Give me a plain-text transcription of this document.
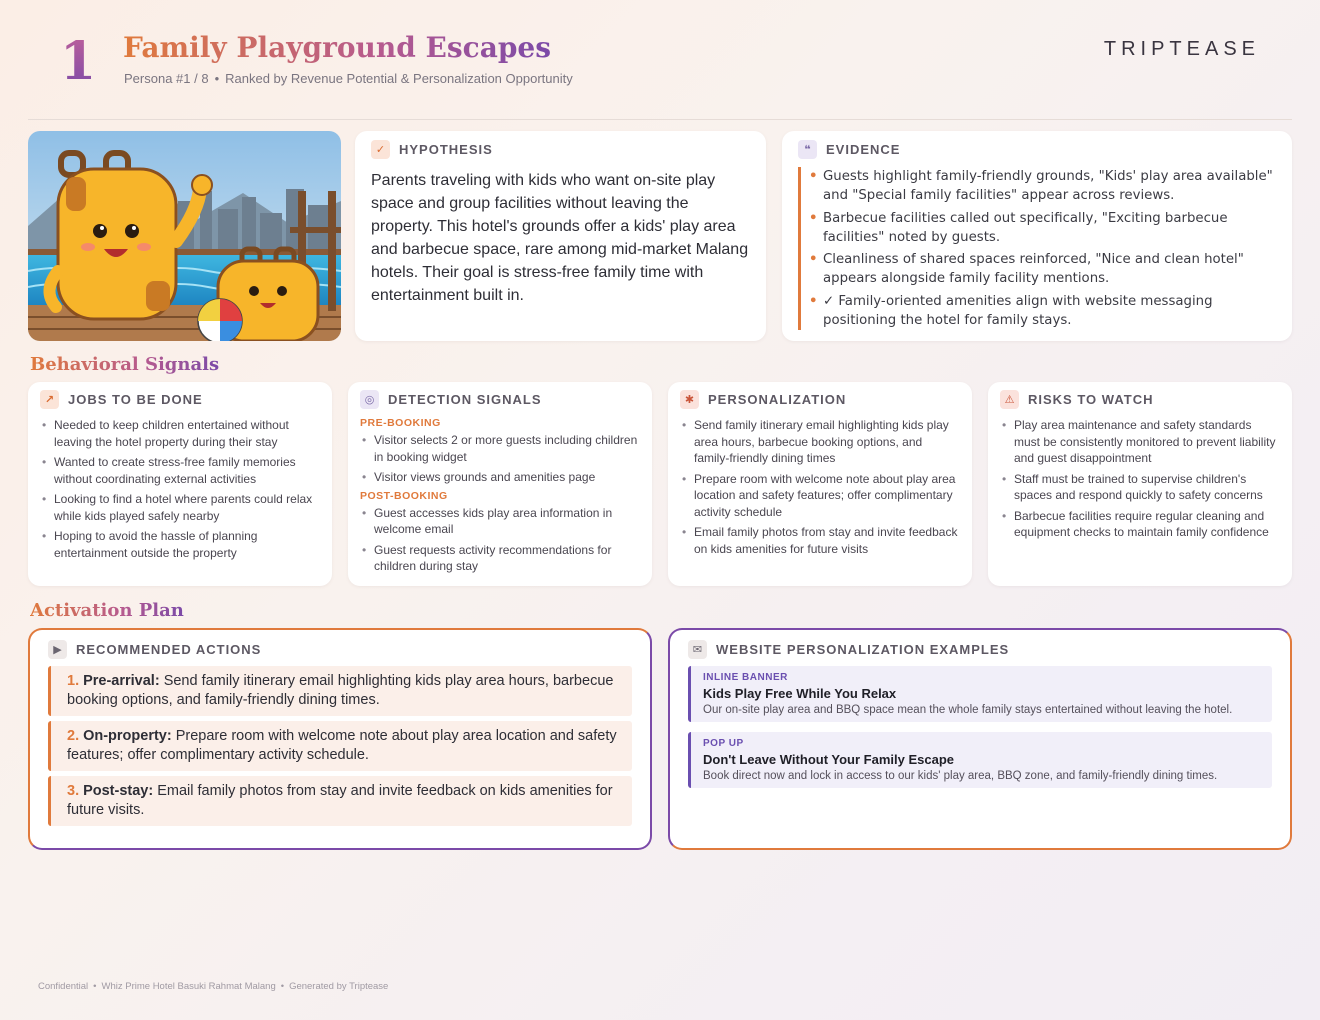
1 Family Playground Escapes
Persona #1 / 8 • Ranked by Revenue Potential & Personalization Opportunity
TRIPTEASE
✓	HYPOTHESIS

Parents traveling with kids who want on-site play space and group facilities without leaving the property. This hotel's grounds offer a kids' play area and barbecue space, rare among mid-market Malang hotels. Their goal is stress-free family time with entertainment built in.

❝	EVIDENCE
• Guests highlight family-friendly grounds, "Kids' play area available" and "Special family facilities" appear across reviews.
• Barbecue facilities called out specifically, "Exciting barbecue facilities" noted by guests.
• Cleanliness of shared spaces reinforced, "Nice and clean hotel" appears alongside family facility mentions.
• ✓ Family-oriented amenities align with website messaging positioning the hotel for family stays.
Behavioral Signals
↗	JOBS TO BE DONE
• Needed to keep children entertained without leaving the hotel property during their stay
• Wanted to create stress-free family memories without coordinating external activities
• Looking to find a hotel where parents could relax while kids played safely nearby
• Hoping to avoid the hassle of planning entertainment outside the property
◎	DETECTION SIGNALS
PRE-BOOKING
• Visitor selects 2 or more guests including children in booking widget
• Visitor views grounds and amenities page
POST-BOOKING
• Guest accesses kids play area information in welcome email
• Guest requests activity recommendations for children during stay
✱	PERSONALIZATION
• Send family itinerary email highlighting kids play area hours, barbecue booking options, and family-friendly dining times
• Prepare room with welcome note about play area location and safety features; offer complimentary activity schedule
• Email family photos from stay and invite feedback on kids amenities for future visits
⚠	RISKS TO WATCH
• Play area maintenance and safety standards must be consistently monitored to prevent liability and guest disappointment
• Staff must be trained to supervise children's spaces and respond quickly to safety concerns
• Barbecue facilities require regular cleaning and equipment checks to maintain family confidence
Activation Plan
▶	RECOMMENDED ACTIONS
1. Pre-arrival: Send family itinerary email highlighting kids play area hours, barbecue booking options, and family-friendly dining times.
2. On-property: Prepare room with welcome note about play area location and safety features; offer complimentary activity schedule.
3. Post-stay: Email family photos from stay and invite feedback on kids amenities for future visits.
✉	WEBSITE PERSONALIZATION EXAMPLES
INLINE BANNER
Kids Play Free While You Relax
Our on-site play area and BBQ space mean the whole family stays entertained without leaving the hotel.
POP UP
Don't Leave Without Your Family Escape
Book direct now and lock in access to our kids' play area, BBQ zone, and family-friendly dining times.
Confidential • Whiz Prime Hotel Basuki Rahmat Malang • Generated by Triptease
